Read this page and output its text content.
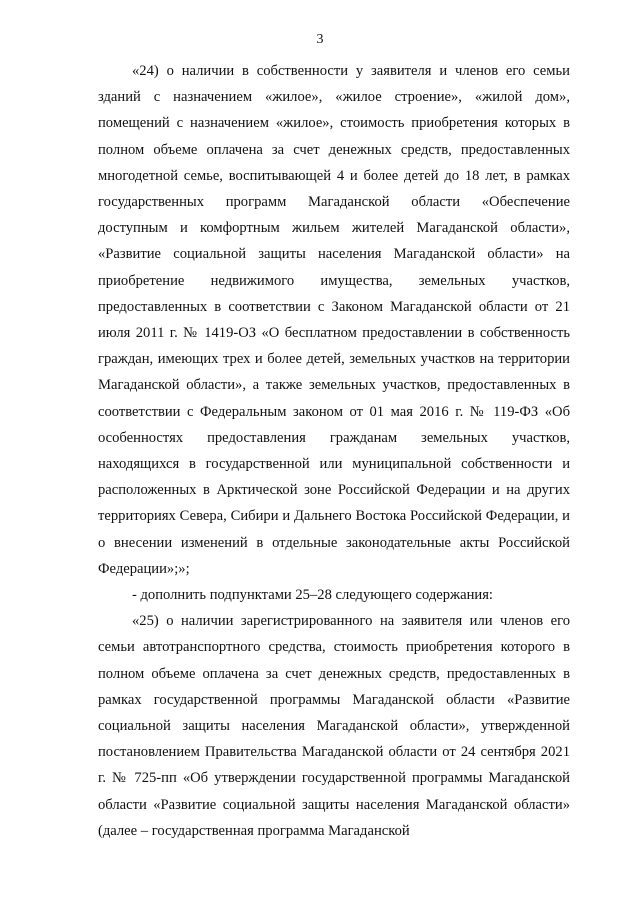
3

«24) о наличии в собственности у заявителя и членов его семьи зданий с назначением «жилое», «жилое строение», «жилой дом», помещений с назначением «жилое», стоимость приобретения которых в полном объеме оплачена за счет денежных средств, предоставленных многодетной семье, воспитывающей 4 и более детей до 18 лет, в рамках государственных программ Магаданской области «Обеспечение доступным и комфортным жильем жителей Магаданской области», «Развитие социальной защиты населения Магаданской области» на приобретение недвижимого имущества, земельных участков, предоставленных в соответствии с Законом Магаданской области от 21 июля 2011 г. № 1419-ОЗ «О бесплатном предоставлении в собственность граждан, имеющих трех и более детей, земельных участков на территории Магаданской области», а также земельных участков, предоставленных в соответствии с Федеральным законом от 01 мая 2016 г. № 119-ФЗ «Об особенностях предоставления гражданам земельных участков, находящихся в государственной или муниципальной собственности и расположенных в Арктической зоне Российской Федерации и на других территориях Севера, Сибири и Дальнего Востока Российской Федерации, и о внесении изменений в отдельные законодательные акты Российской Федерации»;»;

- дополнить подпунктами 25–28 следующего содержания:

«25) о наличии зарегистрированного на заявителя или членов его семьи автотранспортного средства, стоимость приобретения которого в полном объеме оплачена за счет денежных средств, предоставленных в рамках государственной программы Магаданской области «Развитие социальной защиты населения Магаданской области», утвержденной постановлением Правительства Магаданской области от 24 сентября 2021 г. № 725-пп «Об утверждении государственной программы Магаданской области «Развитие социальной защиты населения Магаданской области» (далее – государственная программа Магаданской
